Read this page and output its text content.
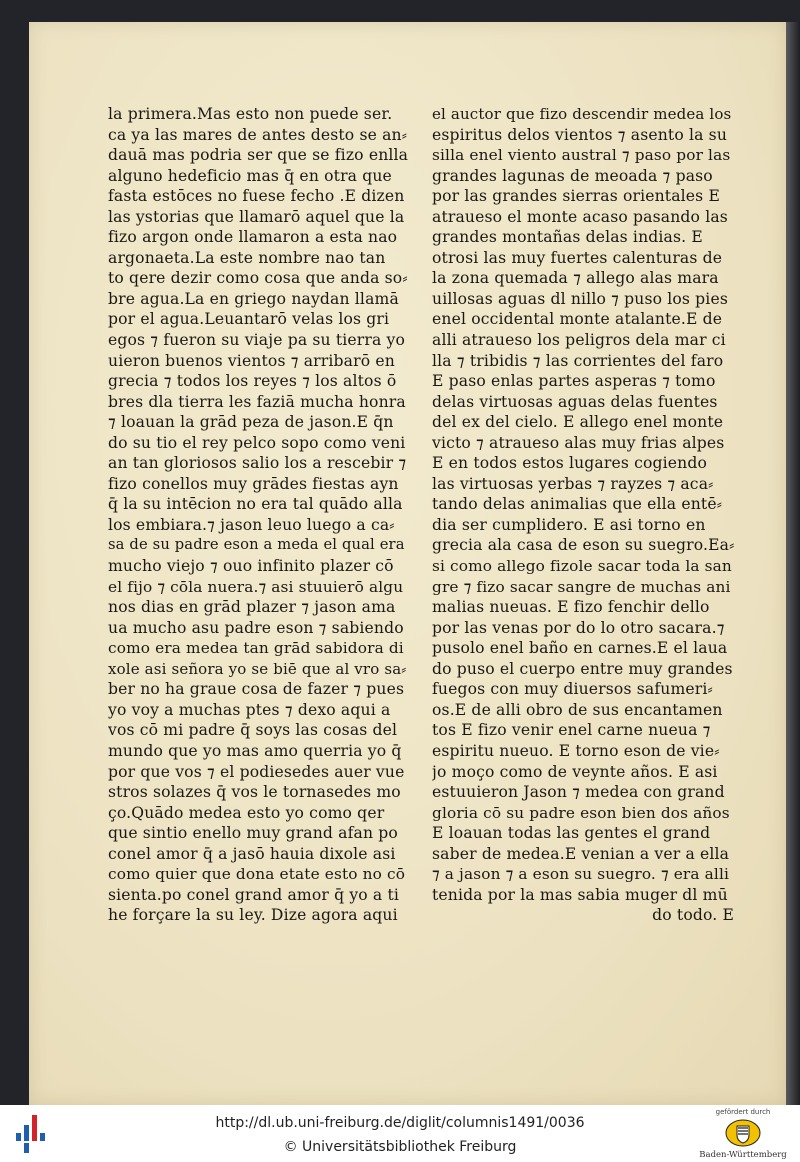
la primera.Mas esto non puede ser.
ca ya las mares de antes desto se an⸗
dauā mas podria ser que se fizo enlla
alguno hedeficio mas q̄ en otra que
fasta estōces no fuese fecho .E dizen
las ystorias que llamarō aquel que la
fizo argon onde llamaron a esta nao
argonaeta.La este nombre nao tan
to qere dezir como cosa que anda so⸗
bre agua.La en griego naydan llamā
por el agua.Leuantarō velas los gri
egos ⁊ fueron su viaje pa su tierra yo
uieron buenos vientos ⁊ arribarō en
grecia ⁊ todos los reyes ⁊ los altos ō
bres dla tierra les faziā mucha honra
⁊ loauan la grād peza de jason.E q̄n
do su tio el rey pelco sopo como veni
an tan gloriosos salio los a rescebir ⁊
fizo conellos muy grādes fiestas ayn
q̄ la su intēcion no era tal quādo alla
los embiara.⁊ jason leuo luego a ca⸗
sa de su padre eson a meda el qual era
mucho viejo ⁊ ouo infinito plazer cō
el fijo ⁊ cōla nuera.⁊ asi stuuierō algu
nos dias en grād plazer ⁊ jason ama
ua mucho asu padre eson ⁊ sabiendo
como era medea tan grād sabidora di
xole asi señora yo se biē que al vro sa⸗
ber no ha graue cosa de fazer ⁊ pues
yo voy a muchas ptes ⁊ dexo aqui a
vos cō mi padre q̄ soys las cosas del
mundo que yo mas amo querria yo q̄
por que vos ⁊ el podiesedes auer vue
stros solazes q̄ vos le tornasedes mo
ço.Quādo medea esto yo como qer
que sintio enello muy grand afan po
conel amor q̄ a jasō hauia dixole asi
como quier que dona etate esto no cō
sienta.po conel grand amor q̄ yo a ti
he forçare la su ley. Dize agora aqui
el auctor que fizo descendir medea los
espiritus delos vientos ⁊ asento la su
silla enel viento austral ⁊ paso por las
grandes lagunas de meoada ⁊ paso
por las grandes sierras orientales E
atraueso el monte acaso pasando las
grandes montañas delas indias. E
otrosi las muy fuertes calenturas de
la zona quemada ⁊ allego alas mara
uillosas aguas dl nillo ⁊ puso los pies
enel occidental monte atalante.E de
alli atraueso los peligros dela mar ci
lla ⁊ tribidis ⁊ las corrientes del faro
E paso enlas partes asperas ⁊ tomo
delas virtuosas aguas delas fuentes
del ex del cielo. E allego enel monte
victo ⁊ atraueso alas muy frias alpes
E en todos estos lugares cogiendo
las virtuosas yerbas ⁊ rayzes ⁊ aca⸗
tando delas animalias que ella entē⸗
dia ser cumplidero. E asi torno en
grecia ala casa de eson su suegro.Ea⸗
si como allego fizole sacar toda la san
gre ⁊ fizo sacar sangre de muchas ani
malias nueuas. E fizo fenchir dello
por las venas por do lo otro sacara.⁊
pusolo enel baño en carnes.E el laua
do puso el cuerpo entre muy grandes
fuegos con muy diuersos safumeri⸗
os.E de alli obro de sus encantamen
tos E fizo venir enel carne nueua ⁊
espiritu nueuo. E torno eson de vie⸗
jo moço como de veynte años. E asi
estuuieron Jason ⁊ medea con grand
gloria cō su padre eson bien dos años
E loauan todas las gentes el grand
saber de medea.E venian a ver a ella
⁊ a jason ⁊ a eson su suegro. ⁊ era alli
tenida por la mas sabia muger dl mū
do todo. E
http://dl.ub.uni-freiburg.de/diglit/columnis1491/0036
© Universitätsbibliothek Freiburg
gefördert durch
Baden-Württemberg
